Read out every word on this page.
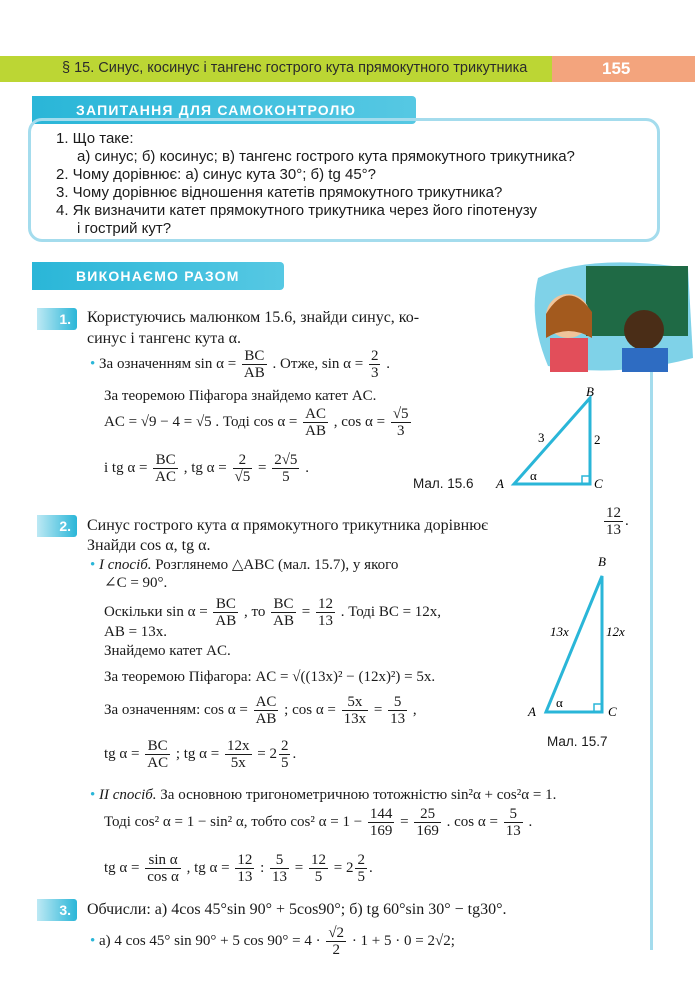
§ 15. Синус, косинус і тангенс гострого кута прямокутного трикутника	155
ЗАПИТАННЯ ДЛЯ САМОКОНТРОЛЮ
1. Що таке:
а) синус; б) косинус; в) тангенс гострого кута прямокутного трикутника?
2. Чому дорівнює: а) синус кута 30°; б) tg 45°?
3. Чому дорівнює відношення катетів прямокутного трикутника?
4. Як визначити катет прямокутного трикутника через його гіпотенузу
і гострий кут?
ВИКОНАЄМО РАЗОМ
1.	Користуючись малюнком 15.6, знайди синус, ко-
синус і тангенс кута α.
• За означенням $\sin \alpha = \frac{BC}{AB}$ . Отже, $\sin \alpha = \frac{2}{3}$ .
За теоремою Піфагора знайдемо катет AC.
AC = √9 − 4 = √5 . Тоді $\cos \alpha = \frac{AC}{AB}$ , $\cos \alpha = \frac{√5}{3}$
і tg $\alpha = \frac{BC}{AC}$ , tg $\alpha = \frac{2}{√5} = \frac{2√5}{5}$ .
Мал. 15.6 A
B
C
3	2
α
2.	Синус гострого кута α прямокутного трикутника дорівнює	$\frac{12}{13}$ .
Знайди cos α, tg α.
• I спосіб. Розглянемо △ABC (мал. 15.7), у якого
∠C = 90°.
Оскільки $\sin \alpha = \frac{BC}{AB}$ , то $\frac{BC}{AB} = \frac{12}{13}$ . Тоді BC = 12x,
AB = 13x.
Знайдемо катет AC.
За теоремою Піфагора: AC = √((13x)² − (12x)²) = 5x.
За означенням: $\cos \alpha = \frac{AC}{AB}$ ; $\cos \alpha = \frac{5x}{13x} = \frac{5}{13}$ ,
tg $\alpha = \frac{BC}{AC}$ ; tg $\alpha = \frac{12x}{5x} = 2 \frac{2}{5}$ .
• II спосіб. За основною тригонометричною тотожністю sin²α + cos²α = 1.
Тоді cos² α = 1 − sin² α, тобто cos² $\alpha = 1 - \frac{144}{169} = \frac{25}{169}$ . $\cos \alpha = \frac{5}{13}$ .
tg $\alpha = \frac{\text{sin α}}{\text{cos α}}$ , tg $\alpha = \frac{12}{13}$ : $\frac{5}{13} = \frac{12}{5} = 2 \frac{2}{5}$ .
Мал. 15.7
A
B
C
13x	12x
α
3.	Обчисли: а) 4cos 45°sin 90° + 5cos90°; б) tg 60°sin 30° − tg30°.
• а) 4 cos 45° sin 90° + 5 $\cos 90^\circ = 4 \cdot \frac{√2}{2} \cdot 1 + 5 \cdot 0 = 2√2$;
